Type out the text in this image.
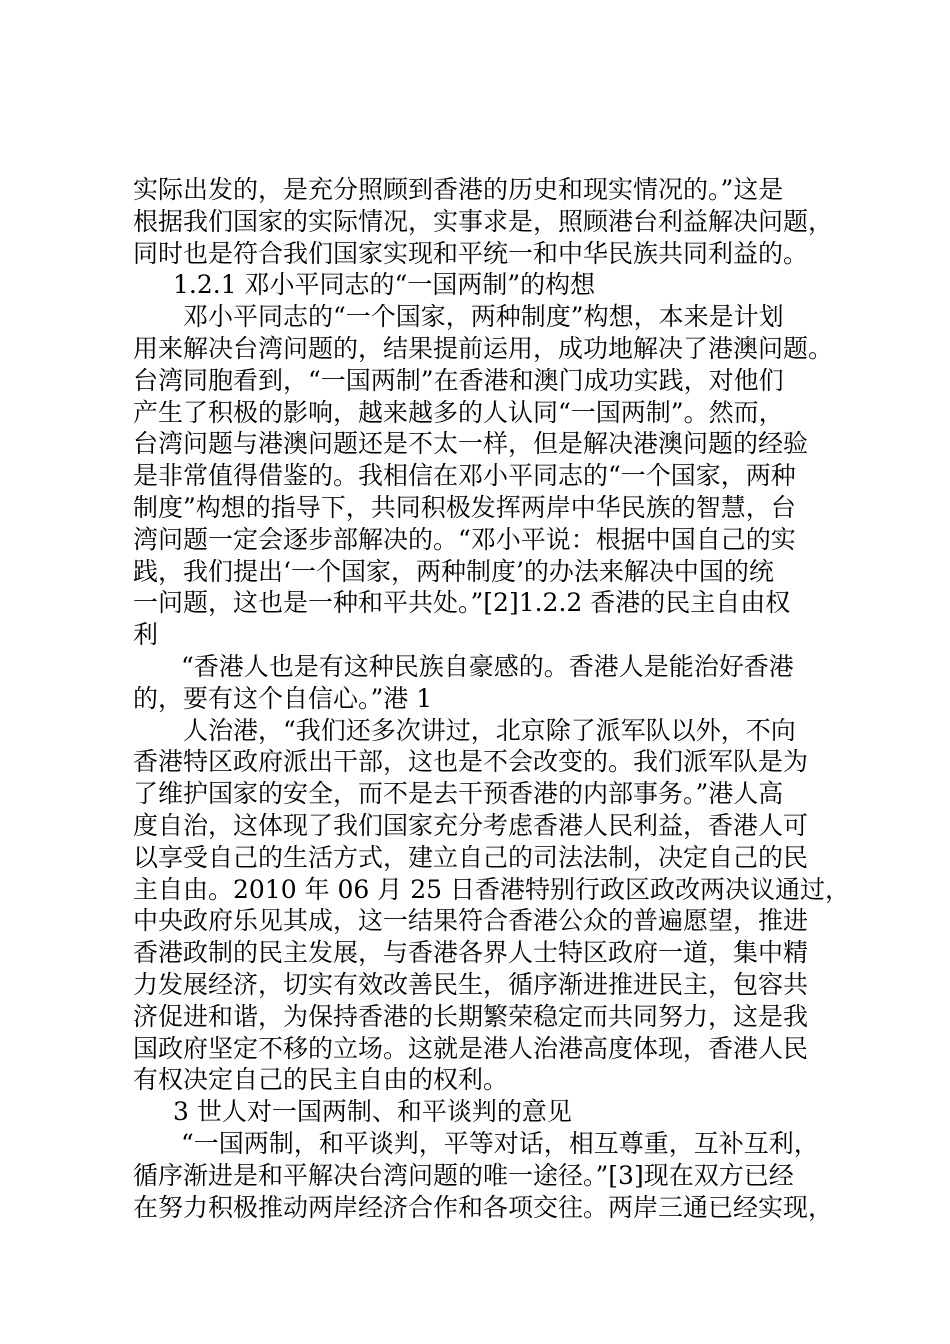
实际出发的，是充分照顾到香港的历史和现实情况的。”这是
根据我们国家的实际情况，实事求是，照顾港台利益解决问题，
同时也是符合我们国家实现和平统一和中华民族共同利益的。
1.2.1 邓小平同志的“一国两制”的构想
邓小平同志的“一个国家，两种制度”构想，本来是计划
用来解决台湾问题的，结果提前运用，成功地解决了港澳问题。
台湾同胞看到，“一国两制”在香港和澳门成功实践，对他们
产生了积极的影响，越来越多的人认同“一国两制”。然而，
台湾问题与港澳问题还是不太一样，但是解决港澳问题的经验
是非常值得借鉴的。我相信在邓小平同志的“一个国家，两种
制度”构想的指导下，共同积极发挥两岸中华民族的智慧，台
湾问题一定会逐步部解决的。“邓小平说：根据中国自己的实
践，我们提出‘一个国家，两种制度’的办法来解决中国的统
一问题，这也是一种和平共处。”[2]1.2.2 香港的民主自由权
利
“香港人也是有这种民族自豪感的。香港人是能治好香港
的，要有这个自信心。”港 1
人治港，“我们还多次讲过，北京除了派军队以外，不向
香港特区政府派出干部，这也是不会改变的。我们派军队是为
了维护国家的安全，而不是去干预香港的内部事务。”港人高
度自治，这体现了我们国家充分考虑香港人民利益，香港人可
以享受自己的生活方式，建立自己的司法法制，决定自己的民
主自由。2010 年 06 月 25 日香港特别行政区政改两决议通过，
中央政府乐见其成，这一结果符合香港公众的普遍愿望，推进
香港政制的民主发展，与香港各界人士特区政府一道，集中精
力发展经济，切实有效改善民生，循序渐进推进民主，包容共
济促进和谐，为保持香港的长期繁荣稳定而共同努力，这是我
国政府坚定不移的立场。这就是港人治港高度体现，香港人民
有权决定自己的民主自由的权利。
3 世人对一国两制、和平谈判的意见
“一国两制，和平谈判，平等对话，相互尊重，互补互利，
循序渐进是和平解决台湾问题的唯一途径。”[3]现在双方已经
在努力积极推动两岸经济合作和各项交往。两岸三通已经实现，
